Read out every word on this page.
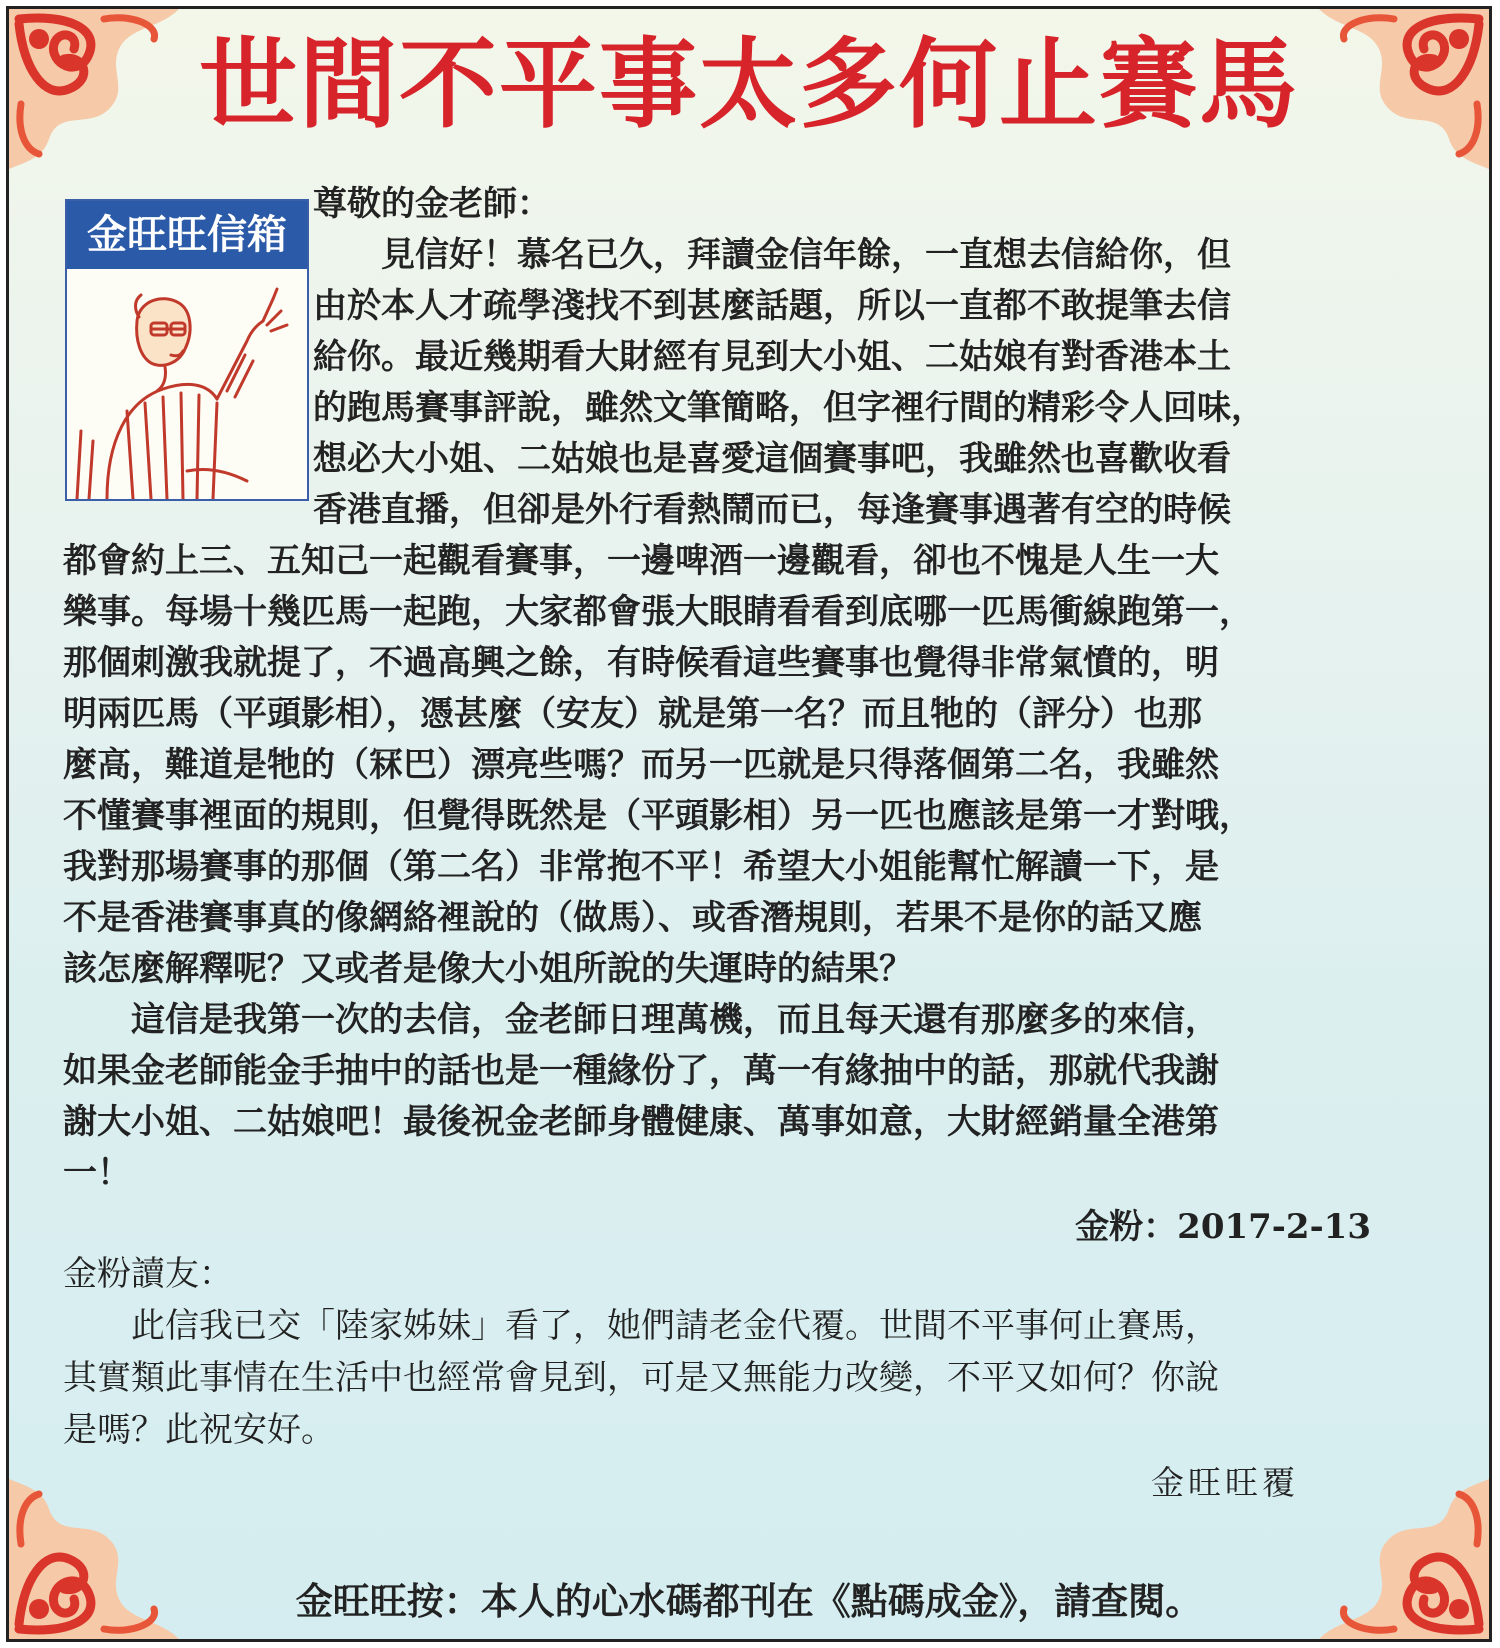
世間不平事太多何止賽馬
金旺旺信箱
尊敬的金老師：
　　見信好！慕名已久，拜讀金信年餘，一直想去信給你，但
由於本人才疏學淺找不到甚麼話題，所以一直都不敢提筆去信
給你。最近幾期看大財經有見到大小姐、二姑娘有對香港本土
的跑馬賽事評說，雖然文筆簡略，但字裡行間的精彩令人回味，
想必大小姐、二姑娘也是喜愛這個賽事吧，我雖然也喜歡收看
香港直播，但卻是外行看熱鬧而已，每逢賽事遇著有空的時候
都會約上三、五知己一起觀看賽事，一邊啤酒一邊觀看，卻也不愧是人生一大
樂事。每場十幾匹馬一起跑，大家都會張大眼睛看看到底哪一匹馬衝線跑第一，
那個刺激我就提了，不過高興之餘，有時候看這些賽事也覺得非常氣憤的，明
明兩匹馬（平頭影相），憑甚麼（安友）就是第一名？而且牠的（評分）也那
麼高，難道是牠的（冧巴）漂亮些嗎？而另一匹就是只得落個第二名，我雖然
不懂賽事裡面的規則，但覺得既然是（平頭影相）另一匹也應該是第一才對哦，
我對那場賽事的那個（第二名）非常抱不平！希望大小姐能幫忙解讀一下，是
不是香港賽事真的像網絡裡說的（做馬）、或香潛規則，若果不是你的話又應
該怎麼解釋呢？又或者是像大小姐所說的失運時的結果？
　　這信是我第一次的去信，金老師日理萬機，而且每天還有那麼多的來信，
如果金老師能金手抽中的話也是一種緣份了，萬一有緣抽中的話，那就代我謝
謝大小姐、二姑娘吧！最後祝金老師身體健康、萬事如意，大財經銷量全港第
一！
金粉：2017-2-13
金粉讀友：
　　此信我已交「陸家姊妹」看了，她們請老金代覆。世間不平事何止賽馬，
其實類此事情在生活中也經常會見到，可是又無能力改變，不平又如何？你說
是嗎？此祝安好。
金旺旺覆
金旺旺按：本人的心水碼都刊在《點碼成金》，請查閱。
